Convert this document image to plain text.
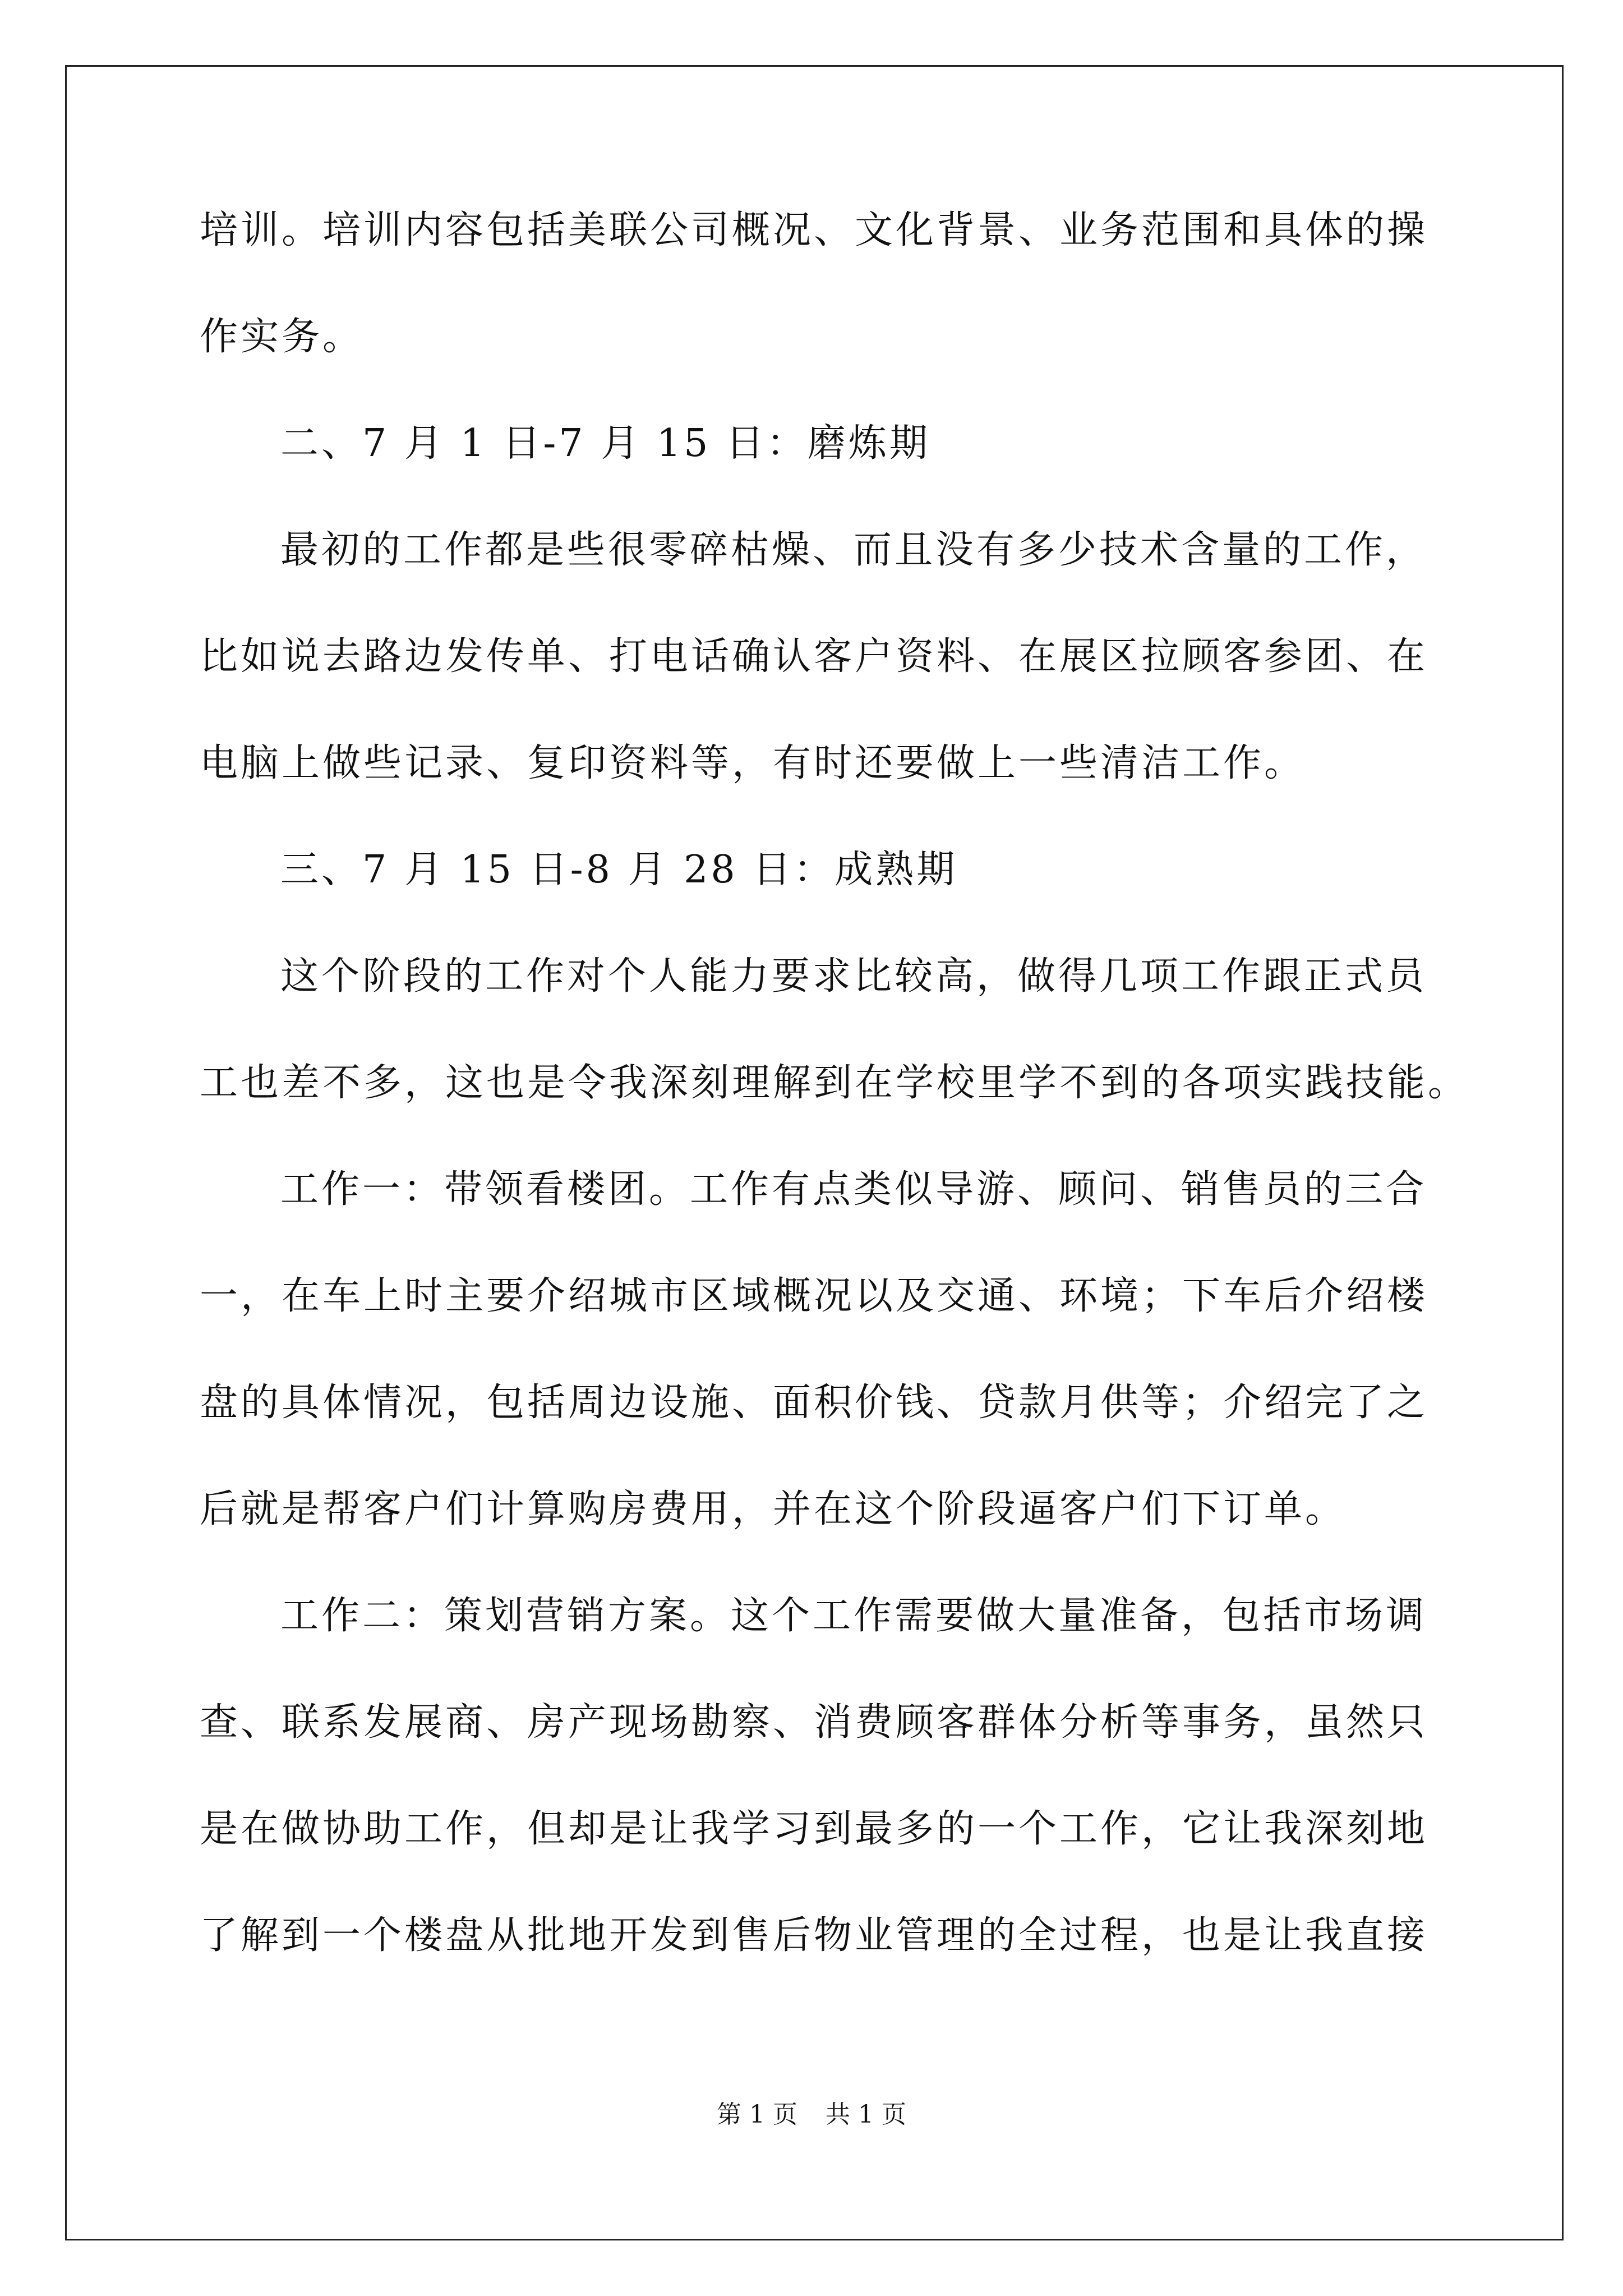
培训。培训内容包括美联公司概况、文化背景、业务范围和具体的操
作实务。
二、7 月 1 日-7 月 15 日：磨炼期
最初的工作都是些很零碎枯燥、而且没有多少技术含量的工作，
比如说去路边发传单、打电话确认客户资料、在展区拉顾客参团、在
电脑上做些记录、复印资料等，有时还要做上一些清洁工作。
三、7 月 15 日-8 月 28 日：成熟期
这个阶段的工作对个人能力要求比较高，做得几项工作跟正式员
工也差不多，这也是令我深刻理解到在学校里学不到的各项实践技能。
工作一：带领看楼团。工作有点类似导游、顾问、销售员的三合
一，在车上时主要介绍城市区域概况以及交通、环境；下车后介绍楼
盘的具体情况，包括周边设施、面积价钱、贷款月供等；介绍完了之
后就是帮客户们计算购房费用，并在这个阶段逼客户们下订单。
工作二：策划营销方案。这个工作需要做大量准备，包括市场调
查、联系发展商、房产现场勘察、消费顾客群体分析等事务，虽然只
是在做协助工作，但却是让我学习到最多的一个工作，它让我深刻地
了解到一个楼盘从批地开发到售后物业管理的全过程，也是让我直接
第 1 页 共 1 页
